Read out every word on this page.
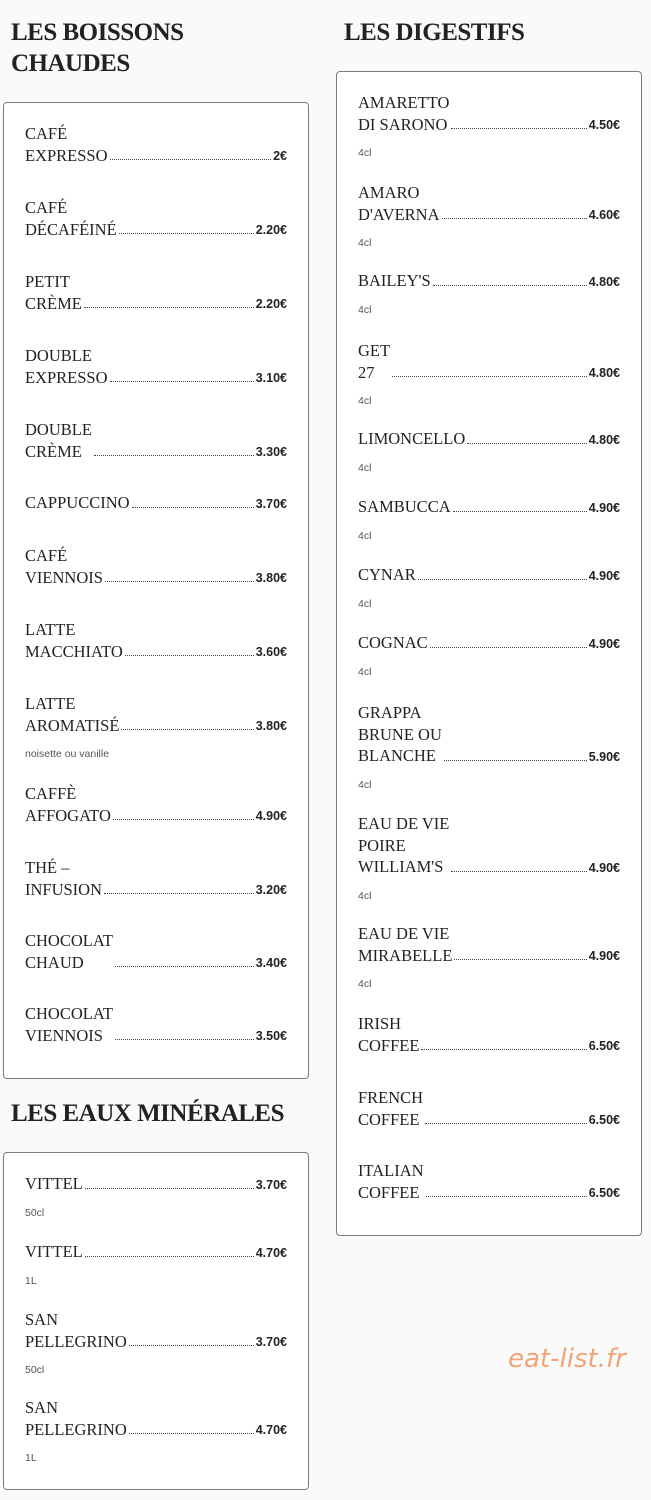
LES BOISSONS
CHAUDES
CAFÉ
EXPRESSO	2€
CAFÉ
DÉCAFÉINÉ	2.20€
PETIT
CRÈME	2.20€
DOUBLE
EXPRESSO	3.10€
DOUBLE
CRÈME	3.30€
CAPPUCCINO	3.70€
CAFÉ
VIENNOIS	3.80€
LATTE
MACCHIATO	3.60€
LATTE
AROMATISÉ	3.80€
noisette ou vanille
CAFFÈ
AFFOGATO	4.90€
THÉ –
INFUSION	3.20€
CHOCOLAT
CHAUD	3.40€
CHOCOLAT
VIENNOIS	3.50€
LES EAUX MINÉRALES
VITTEL	3.70€
50cl
VITTEL	4.70€
1L
SAN
PELLEGRINO	3.70€
50cl
SAN
PELLEGRINO	4.70€
1L
LES DIGESTIFS
AMARETTO
DI SARONO	4.50€
4cl
AMARO
D'AVERNA	4.60€
4cl
BAILEY'S	4.80€
4cl
GET
27	4.80€
4cl
LIMONCELLO	4.80€
4cl
SAMBUCCA	4.90€
4cl
CYNAR	4.90€
4cl
COGNAC	4.90€
4cl
GRAPPA
BRUNE OU
BLANCHE	5.90€
4cl
EAU DE VIE
POIRE
WILLIAM'S	4.90€
4cl
EAU DE VIE
MIRABELLE	4.90€
4cl
IRISH
COFFEE	6.50€
FRENCH
COFFEE	6.50€
ITALIAN
COFFEE	6.50€
eat-list.fr
